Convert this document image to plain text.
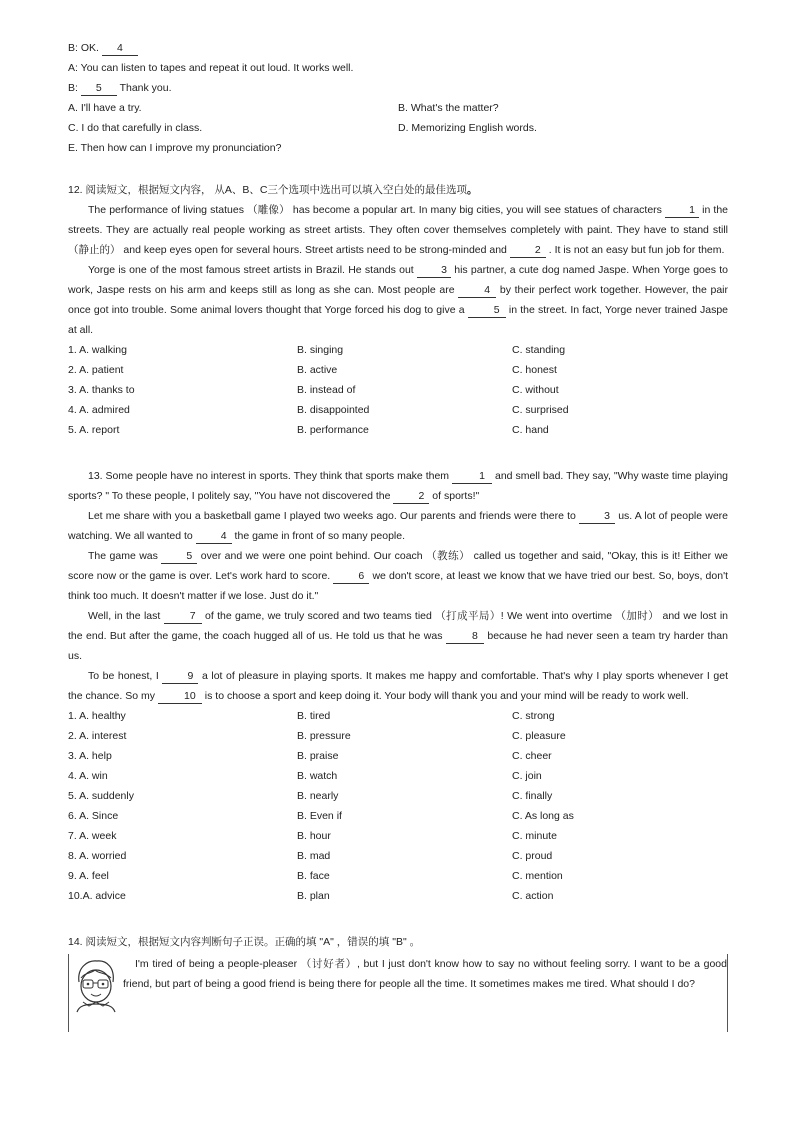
B: OK. 4
A: You can listen to tapes and repeat it out loud. It works well.
B: 5 Thank you.
A. I'll have a try.	B. What's the matter?
C. I do that carefully in class.	D. Memorizing English words.
E. Then how can I improve my pronunciation?
12. 阅读短文，根据短文内容， 从A、B、C三个选项中选出可以填入空白处的最佳选项。
The performance of living statues （雕像） has become a popular art. In many big cities, you will see statues of characters 1 in the streets. They are actually real people working as street artists. They often cover themselves completely with paint. They have to stand still （静止的） and keep eyes open for several hours. Street artists need to be strong-minded and 2 . It is not an easy but fun job for them.
Yorge is one of the most famous street artists in Brazil. He stands out 3 his partner, a cute dog named Jaspe. When Yorge goes to work, Jaspe rests on his arm and keeps still as long as she can. Most people are 4 by their perfect work together. However, the pair once got into trouble. Some animal lovers thought that Yorge forced his dog to give a 5 in the street. In fact, Yorge never trained Jaspe at all.
1. A. walking	B. singing	C. standing
2. A. patient	B. active	C. honest
3. A. thanks to	B. instead of	C. without
4. A. admired	B. disappointed	C. surprised
5. A. report	B. performance	C. hand
13. Some people have no interest in sports. They think that sports make them	1 and smell bad. They say, "Why waste time playing sports? " To these people, I politely say, "You have not discovered the 2 of sports!"
Let me share with you a basketball game I played two weeks ago. Our parents and friends were there to 3 us. A lot of people were watching. We all wanted to 4 the game in front of so many people.
The game was 5 over and we were one point behind. Our coach （教练） called us together and said, "Okay, this is it! Either we score now or the game is over. Let's work hard to score. 6 we don't score, at least we know that we have tried our best. So, boys, don't think too much. It doesn't matter if we lose. Just do it."
Well, in the last 7 of the game, we truly scored and two teams tied （打成平局）! We went into overtime （加时） and we lost in the end. But after the game, the coach hugged all of us. He told us that he was 8 because he had never seen a team try harder than us.
To be honest, I 9 a lot of pleasure in playing sports. It makes me happy and comfortable. That's why I play sports whenever I get the chance. So my 10 is to choose a sport and keep doing it. Your body will thank you and your mind will be ready to work well.
1. A. healthy	B. tired	C. strong
2. A. interest	B. pressure	C. pleasure
3. A. help	B. praise	C. cheer
4. A. win	B. watch	C. join
5. A. suddenly	B. nearly	C. finally
6. A. Since	B. Even if	C. As long as
7. A. week	B. hour	C. minute
8. A. worried	B. mad	C. proud
9. A. feel	B. face	C. mention
10.A. advice	B. plan	C. action
14. 阅读短文，根据短文内容判断句子正误。正确的填 "A" ，错误的填 "B" 。
I'm tired of being a people-pleaser （讨好者）, but I just don't know how to say no without feeling sorry. I want to be a good friend, but part of being a good friend is being there for people all the time. It sometimes makes me tired. What should I do?
